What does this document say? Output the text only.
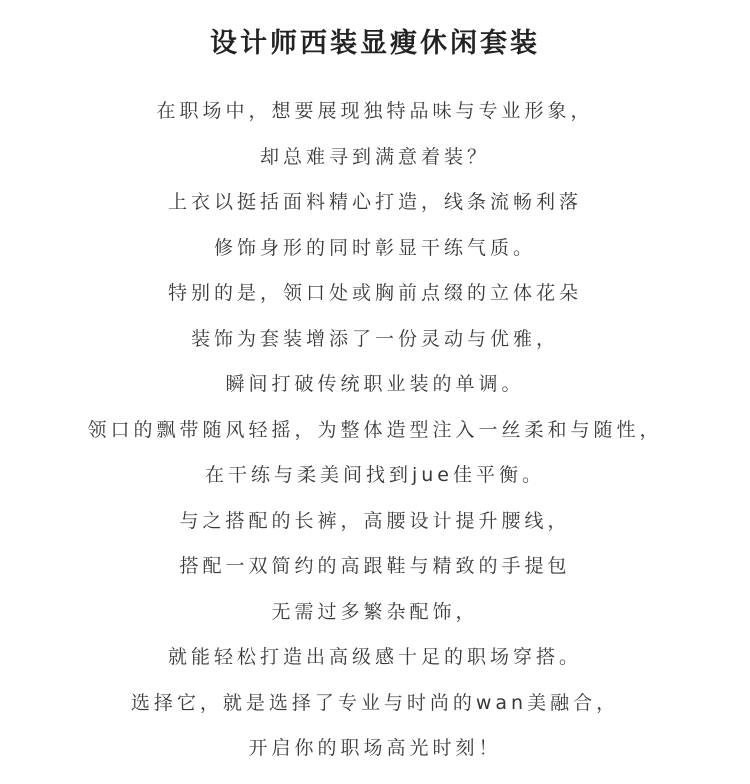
设计师西装显瘦休闲套装
在职场中，想要展现独特品味与专业形象，
却总难寻到满意着装？
上衣以挺括面料精心打造，线条流畅利落
修饰身形的同时彰显干练气质。
特别的是，领口处或胸前点缀的立体花朵
装饰为套装增添了一份灵动与优雅，
瞬间打破传统职业装的单调。
领口的飘带随风轻摇，为整体造型注入一丝柔和与随性，
在干练与柔美间找到jue佳平衡。
与之搭配的长裤，高腰设计提升腰线，
搭配一双简约的高跟鞋与精致的手提包
无需过多繁杂配饰，
就能轻松打造出高级感十足的职场穿搭。
选择它，就是选择了专业与时尚的wan美融合，
开启你的职场高光时刻！
